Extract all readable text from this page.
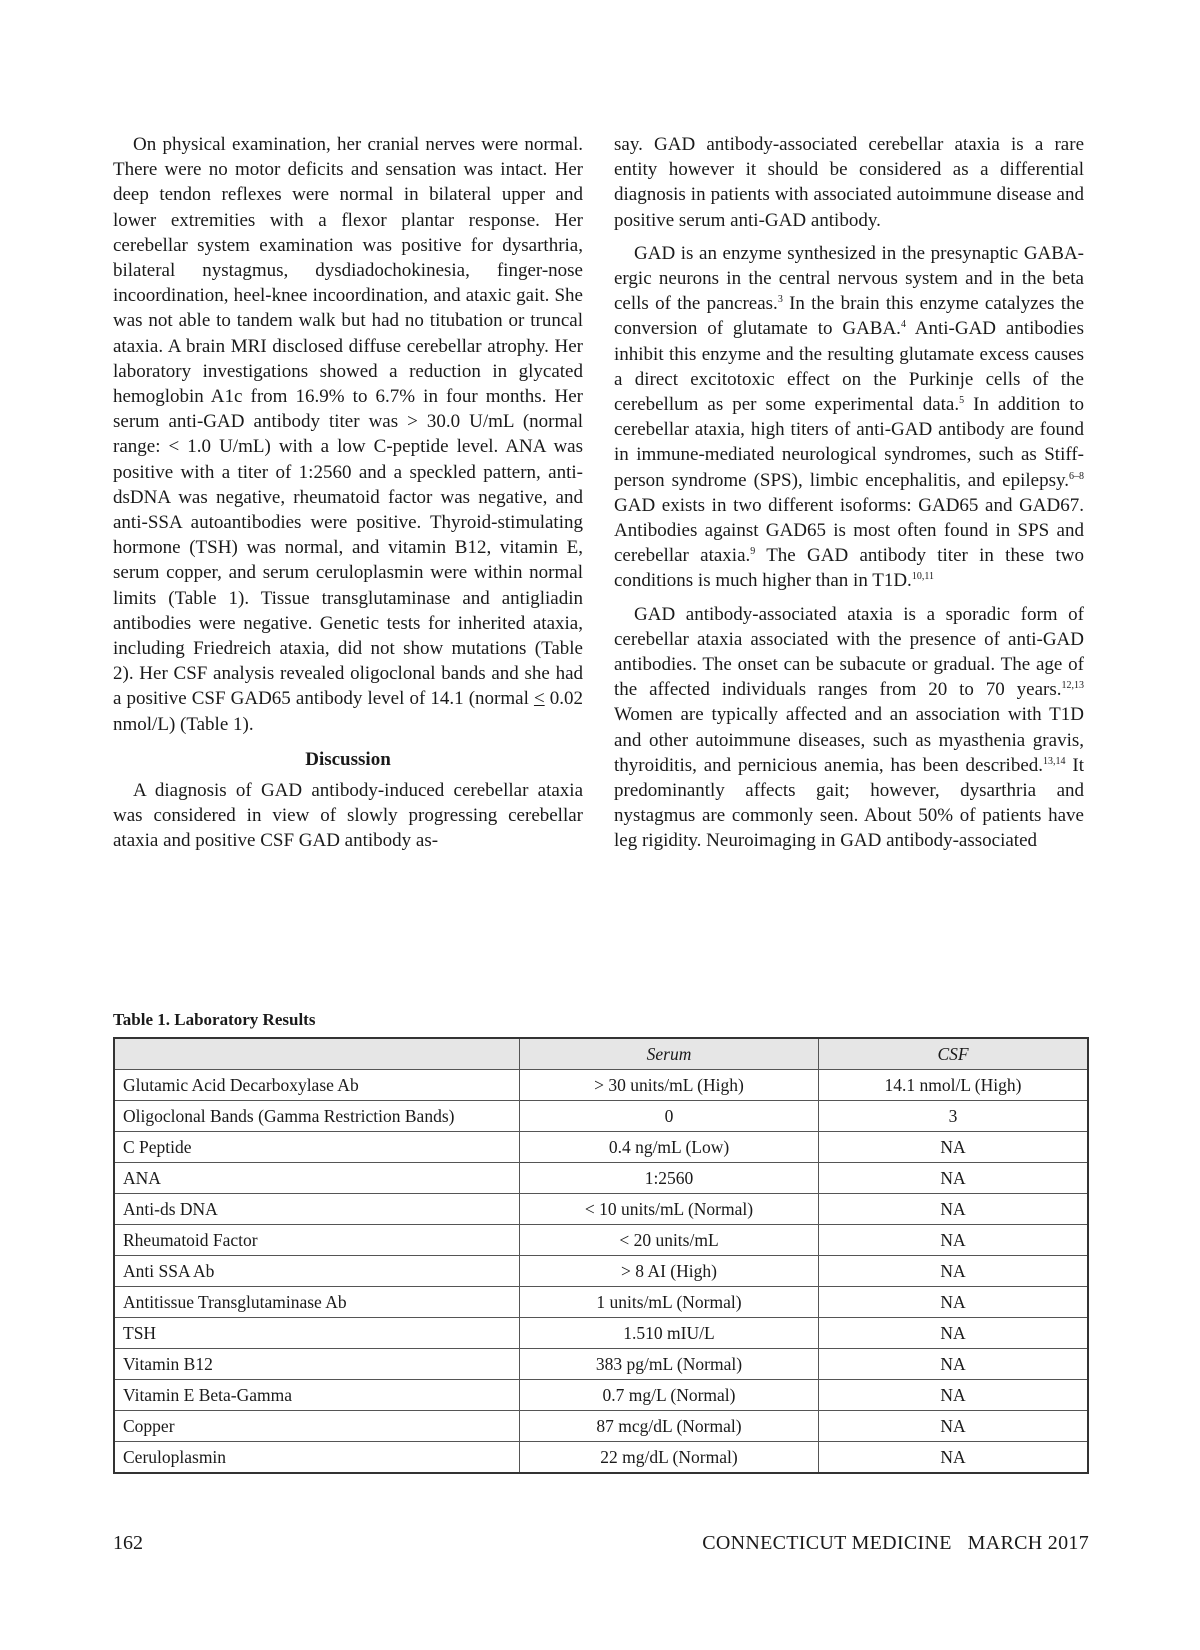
On physical examination, her cranial nerves were normal. There were no motor deficits and sensation was intact. Her deep tendon reflexes were normal in bilateral upper and lower extremities with a flexor plantar response. Her cerebellar system examination was positive for dysarthria, bilateral nystagmus, dysdiadochokinesia, finger-nose incoordination, heel-knee incoordination, and ataxic gait. She was not able to tandem walk but had no titubation or truncal ataxia. A brain MRI disclosed diffuse cerebellar atrophy. Her laboratory investigations showed a reduction in glycated hemoglobin A1c from 16.9% to 6.7% in four months. Her serum anti-GAD antibody titer was > 30.0 U/mL (normal range: < 1.0 U/mL) with a low C-peptide level. ANA was positive with a titer of 1:2560 and a speckled pattern, anti-dsDNA was negative, rheumatoid factor was negative, and anti-SSA autoantibodies were positive. Thyroid-stimulating hormone (TSH) was normal, and vitamin B12, vitamin E, serum copper, and serum ceruloplasmin were within normal limits (Table 1). Tissue transglutaminase and antigliadin antibodies were negative. Genetic tests for inherited ataxia, including Friedreich ataxia, did not show mutations (Table 2). Her CSF analysis revealed oligoclonal bands and she had a positive CSF GAD65 antibody level of 14.1 (normal ≤ 0.02 nmol/L) (Table 1).

Discussion

A diagnosis of GAD antibody-induced cerebellar ataxia was considered in view of slowly progressing cerebellar ataxia and positive CSF GAD antibody as-

say. GAD antibody-associated cerebellar ataxia is a rare entity however it should be considered as a differential diagnosis in patients with associated autoimmune disease and positive serum anti-GAD antibody.

GAD is an enzyme synthesized in the presynaptic GABA-ergic neurons in the central nervous system and in the beta cells of the pancreas.$^3$ In the brain this enzyme catalyzes the conversion of glutamate to GABA.$^4$ Anti-GAD antibodies inhibit this enzyme and the resulting glutamate excess causes a direct excitotoxic effect on the Purkinje cells of the cerebellum as per some experimental data.$^5$ In addition to cerebellar ataxia, high titers of anti-GAD antibody are found in immune-mediated neurological syndromes, such as Stiff-person syndrome (SPS), limbic encephalitis, and epilepsy.$^{6-8}$ GAD exists in two different isoforms: GAD65 and GAD67. Antibodies against GAD65 is most often found in SPS and cerebellar ataxia.$^9$ The GAD antibody titer in these two conditions is much higher than in T1D.$^{10,11}$

GAD antibody-associated ataxia is a sporadic form of cerebellar ataxia associated with the presence of anti-GAD antibodies. The onset can be subacute or gradual. The age of the affected individuals ranges from 20 to 70 years.$^{12,13}$ Women are typically affected and an association with T1D and other autoimmune diseases, such as myasthenia gravis, thyroiditis, and pernicious anemia, has been described.$^{13,14}$ It predominantly affects gait; however, dysarthria and nystagmus are commonly seen. About 50% of patients have leg rigidity. Neuroimaging in GAD antibody-associated

Table 1. Laboratory Results
	Serum	CSF
Glutamic Acid Decarboxylase Ab	> 30 units/mL (High)	14.1 nmol/L (High)
Oligoclonal Bands (Gamma Restriction Bands)	0	3
C Peptide	0.4 ng/mL (Low)	NA
ANA	1:2560	NA
Anti-ds DNA	< 10 units/mL (Normal)	NA
Rheumatoid Factor	< 20 units/mL	NA
Anti SSA Ab	> 8 AI (High)	NA
Antitissue Transglutaminase Ab	1 units/mL (Normal)	NA
TSH	1.510 mIU/L	NA
Vitamin B12	383 pg/mL (Normal)	NA
Vitamin E Beta-Gamma	0.7 mg/L (Normal)	NA
Copper	87 mcg/dL (Normal)	NA
Ceruloplasmin	22 mg/dL (Normal)	NA
162	CONNECTICUT MEDICINE   MARCH 2017
